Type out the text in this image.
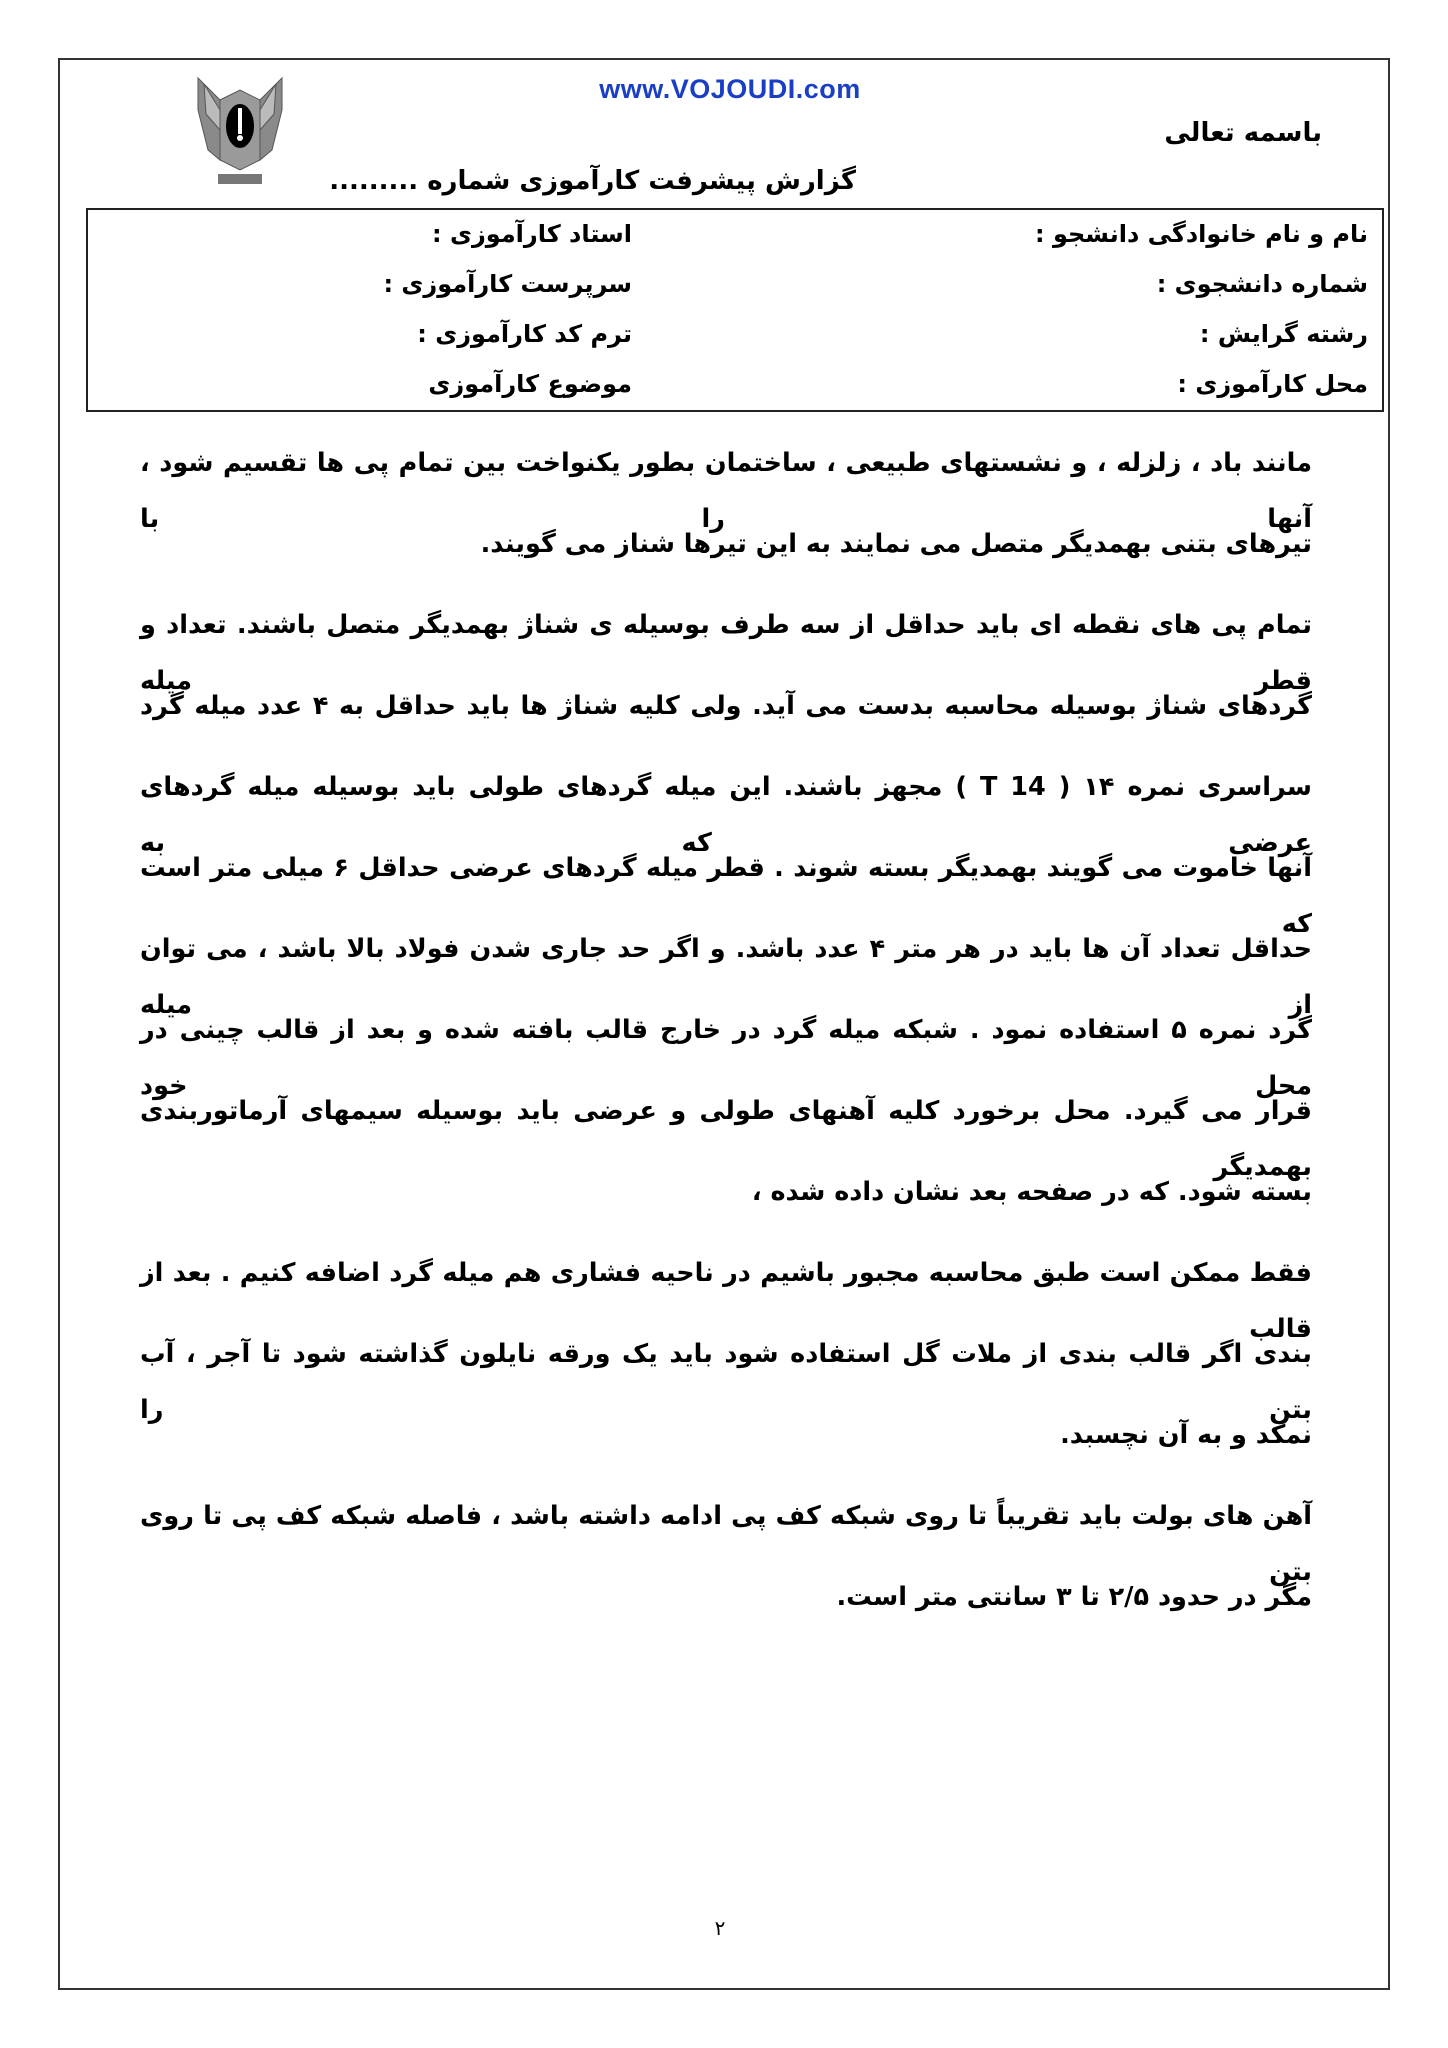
www.VOJOUDI.com
باسمه تعالی
گزارش پیشرفت کارآموزی شماره .........
نام و نام خانوادگی دانشجو :
استاد کارآموزی :
شماره دانشجوی :
سرپرست کارآموزی :
رشته گرایش :
ترم کد کارآموزی :
محل کارآموزی :
موضوع کارآموزی
مانند باد ، زلزله ، و نشستهای طبیعی ، ساختمان بطور یکنواخت بین تمام پی ها تقسیم شود ، آنها را با
تیرهای بتنی بهمدیگر متصل می نمایند به این تیرها شناز می گویند.
تمام پی های نقطه ای باید حداقل از سه طرف بوسیله ی شناژ بهمدیگر متصل باشند. تعداد و قطر میله
گردهای شناژ بوسیله محاسبه بدست می آید. ولی کلیه شناژ ها باید حداقل به ۴ عدد میله گرد
سراسری نمره ۱۴ ( T 14 ) مجهز باشند. این میله گردهای طولی باید بوسیله میله گردهای عرضی که به
آنها خاموت می گویند بهمدیگر بسته شوند . قطر میله گردهای عرضی حداقل ۶ میلی متر است که
حداقل تعداد آن ها باید در هر متر ۴ عدد باشد. و اگر حد جاری شدن فولاد بالا باشد ، می توان از میله
گرد نمره ۵ استفاده نمود . شبکه میله گرد در خارج قالب بافته شده و بعد از قالب چینی در محل خود
قرار می گیرد. محل برخورد کلیه آهنهای طولی و عرضی باید بوسیله سیمهای آرماتوربندی بهمدیگر
بسته شود. که در صفحه بعد نشان داده شده ،
فقط ممکن است طبق محاسبه مجبور باشیم در ناحیه فشاری هم میله گرد اضافه کنیم . بعد از قالب
بندی اگر قالب بندی از ملات گل استفاده شود باید یک ورقه نایلون گذاشته شود تا آجر ، آب بتن را
نمکد و به آن نچسبد.
آهن های بولت باید تقریباً تا روی شبکه کف پی ادامه داشته باشد ، فاصله شبکه کف پی تا روی بتن
مگر در حدود ۲/۵ تا ۳ سانتی متر است.
۲
